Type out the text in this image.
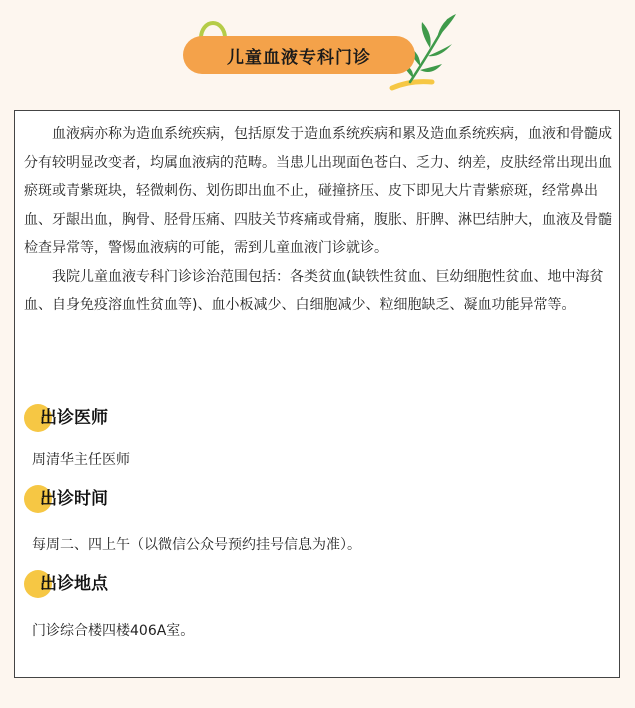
儿童血液专科门诊

血液病亦称为造血系统疾病，包括原发于造血系统疾病和累及造血系统疾病，血液和骨髓成分有较明显改变者，均属血液病的范畴。当患儿出现面色苍白、乏力、纳差，皮肤经常出现出血瘀斑或青紫斑块，轻微刺伤、划伤即出血不止，碰撞挤压、皮下即见大片青紫瘀斑，经常鼻出血、牙龈出血，胸骨、胫骨压痛、四肢关节疼痛或骨痛，腹胀、肝脾、淋巴结肿大，血液及骨髓检查异常等，警惕血液病的可能，需到儿童血液门诊就诊。

我院儿童血液专科门诊诊治范围包括：各类贫血(缺铁性贫血、巨幼细胞性贫血、地中海贫血、自身免疫溶血性贫血等)、血小板减少、白细胞减少、粒细胞缺乏、凝血功能异常等。

出诊医师
周清华主任医师
出诊时间
每周二、四上午（以微信公众号预约挂号信息为准）。
出诊地点
门诊综合楼四楼406A室。
